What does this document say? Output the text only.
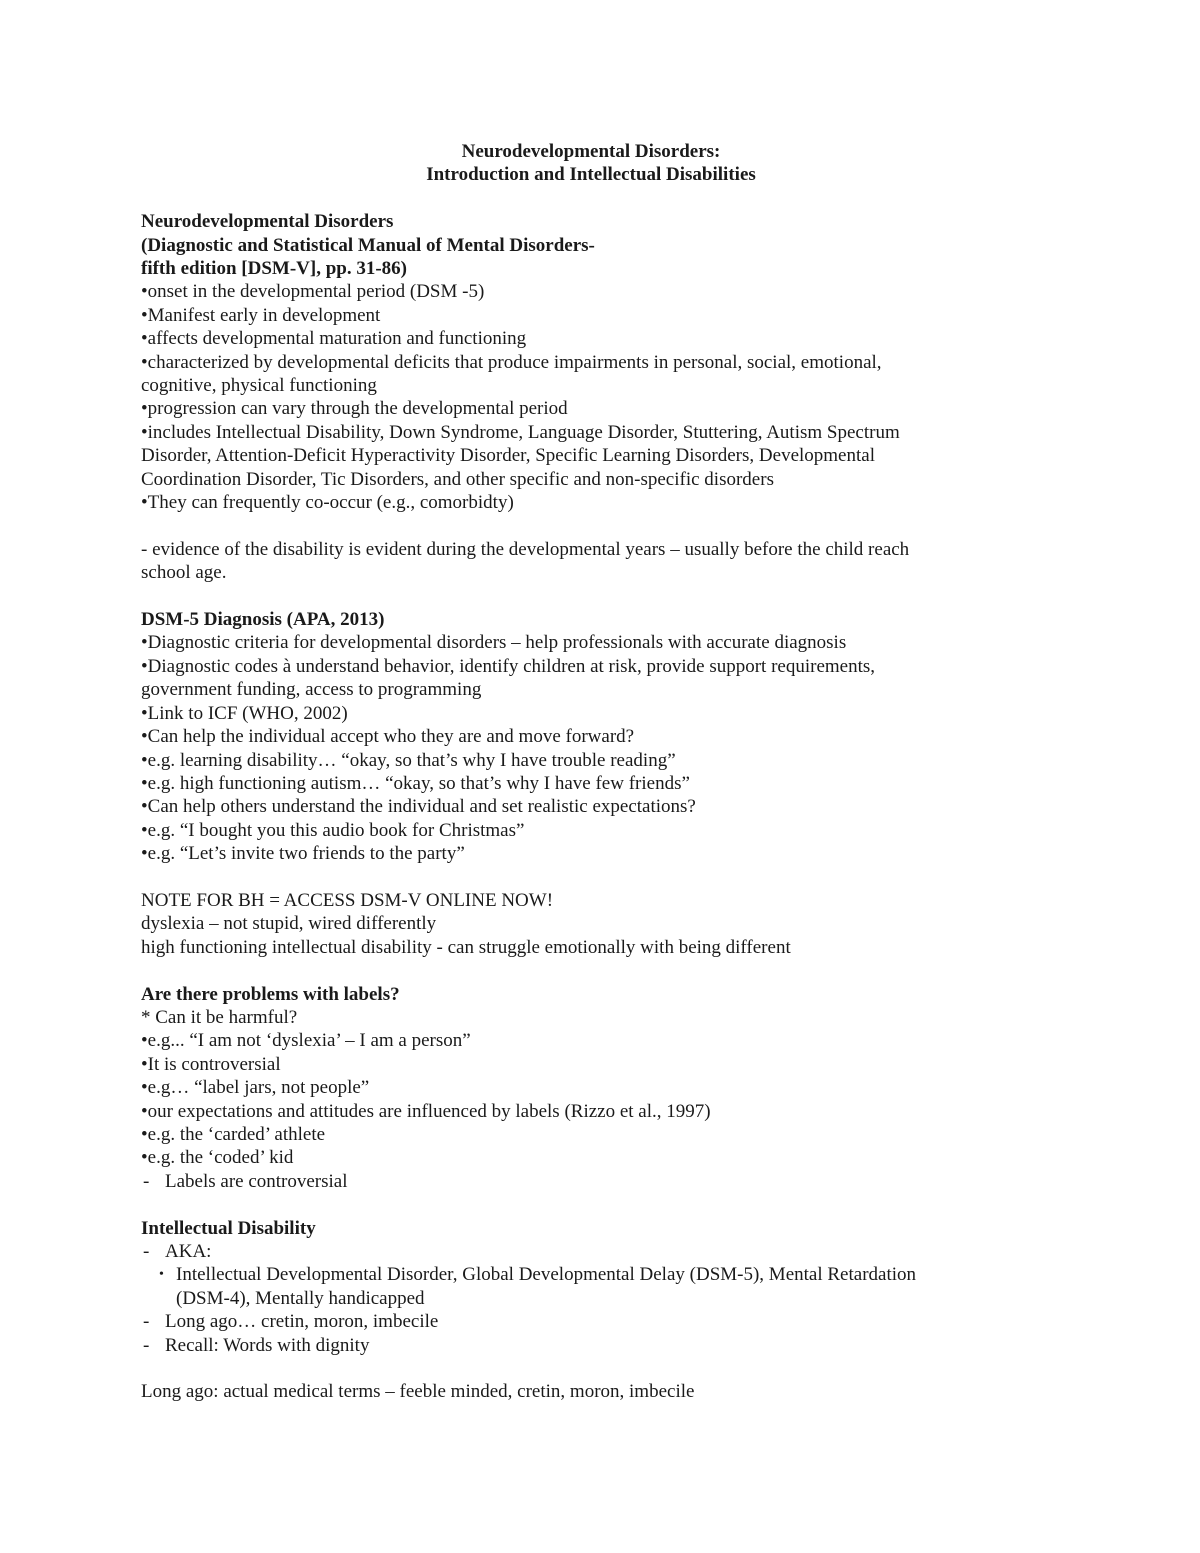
Neurodevelopmental Disorders:
Introduction and Intellectual Disabilities
Neurodevelopmental Disorders
(Diagnostic and Statistical Manual of Mental Disorders-
fifth edition [DSM-V], pp. 31-86)
•onset in the developmental period (DSM -5)
•Manifest early in development
•affects developmental maturation and functioning
•characterized by developmental deficits that produce impairments in personal, social, emotional,
cognitive, physical functioning
•progression can vary through the developmental period
•includes Intellectual Disability, Down Syndrome, Language Disorder, Stuttering, Autism Spectrum
Disorder, Attention-Deficit Hyperactivity Disorder, Specific Learning Disorders, Developmental
Coordination Disorder, Tic Disorders, and other specific and non-specific disorders
•They can frequently co-occur (e.g., comorbidty)
- evidence of the disability is evident during the developmental years – usually before the child reach
school age.
DSM-5 Diagnosis (APA, 2013)
•Diagnostic criteria for developmental disorders – help professionals with accurate diagnosis
•Diagnostic codes à understand behavior, identify children at risk, provide support requirements,
government funding, access to programming
•Link to ICF (WHO, 2002)
•Can help the individual accept who they are and move forward?
•e.g. learning disability… “okay, so that’s why I have trouble reading”
•e.g. high functioning autism… “okay, so that’s why I have few friends”
•Can help others understand the individual and set realistic expectations?
•e.g. “I bought you this audio book for Christmas”
•e.g. “Let’s invite two friends to the party”
NOTE FOR BH = ACCESS DSM-V ONLINE NOW!
dyslexia – not stupid, wired differently
high functioning intellectual disability - can struggle emotionally with being different
Are there problems with labels?
* Can it be harmful?
•e.g... “I am not ‘dyslexia’ – I am a person”
•It is controversial
•e.g… “label jars, not people”
•our expectations and attitudes are influenced by labels (Rizzo et al., 1997)
•e.g. the ‘carded’ athlete
•e.g. the ‘coded’ kid
- Labels are controversial
Intellectual Disability
- AKA:
• Intellectual Developmental Disorder, Global Developmental Delay (DSM-5), Mental Retardation
(DSM-4), Mentally handicapped
- Long ago… cretin, moron, imbecile
- Recall: Words with dignity
Long ago: actual medical terms – feeble minded, cretin, moron, imbecile
